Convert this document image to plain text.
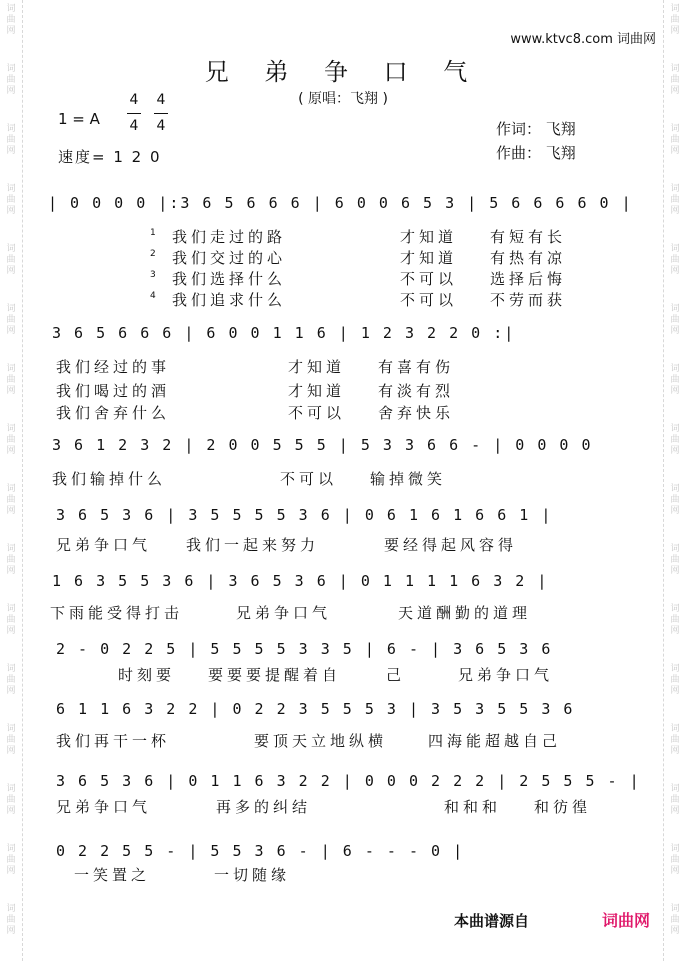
词
曲
网
词
曲
网
词
曲
网
词
曲
网
词
曲
网
词
曲
网
词
曲
网
词
曲
网
词
曲
网
词
曲
网
词
曲
网
词
曲
网
词
曲
网
词
曲
网
词
曲
网
词
曲
网
词
曲
网
词
曲
网
词
曲
网
词
曲
网
词
曲
网
词
曲
网
词
曲
网
词
曲
网
词
曲
网
词
曲
网
词
曲
网
词
曲
网
词
曲
网
词
曲
网
词
曲
网
词
曲
网
www.ktvc8.com 词曲网
兄 弟 争 口 气
( 原唱：飞翔 )
1 = A
4
4
4
4
速度= 1 2 0
作词： 飞翔
作曲： 飞翔
| 0 0 0 0 |:3 6 5 6 6 6 | 6 0 0 6 5 3 | 5 6 6 6 6 0 |
3 6 5 6 6 6 | 6 0 0 1 1 6 | 1 2 3 2 2 0 :|
3 6 1 2 3 2 | 2 0 0 5 5 5 | 5 3 3 6 6 - | 0 0 0 0
3 6 5 3 6 | 3 5 5 5 5 3 6 | 0 6 1 6 1 6 6 1 |
1 6 3 5 5 3 6 | 3 6 5 3 6 | 0 1 1 1 1 6 3 2 |
2 - 0 2 2 5 | 5 5 5 5 3 3 5 | 6 - | 3 6 5 3 6
6 1 1 6 3 2 2 | 0 2 2 3 5 5 5 3 | 3 5 3 5 5 3 6
3 6 5 3 6 | 0 1 1 6 3 2 2 | 0 0 0 2 2 2 | 2 5 5 5 - |
0 2 2 5 5 - | 5 5 3 6 - | 6 - - - 0 |
1 我们走过的路	才知道 有短有长
2 我们交过的心	才知道 有热有凉
3 我们选择什么	不可以 选择后悔
4 我们追求什么	不可以 不劳而获
我们经过的事	才知道 有喜有伤
我们喝过的酒	才知道 有淡有烈
我们舍弃什么	不可以 舍弃快乐
我们输掉什么	不可以 输掉微笑
兄弟争口气 我们一起来努力	要经得起风容得
下雨能受得打击	兄弟争口气	天道酬勤的道理
时刻要 要要要提醒着自	己	兄弟争口气
我们再干一杯	要顶天立地纵横	四海能超越自己
兄弟争口气	再多的纠结	和和和 和彷徨
一笑置之	一切随缘
本曲谱源自	词曲网
